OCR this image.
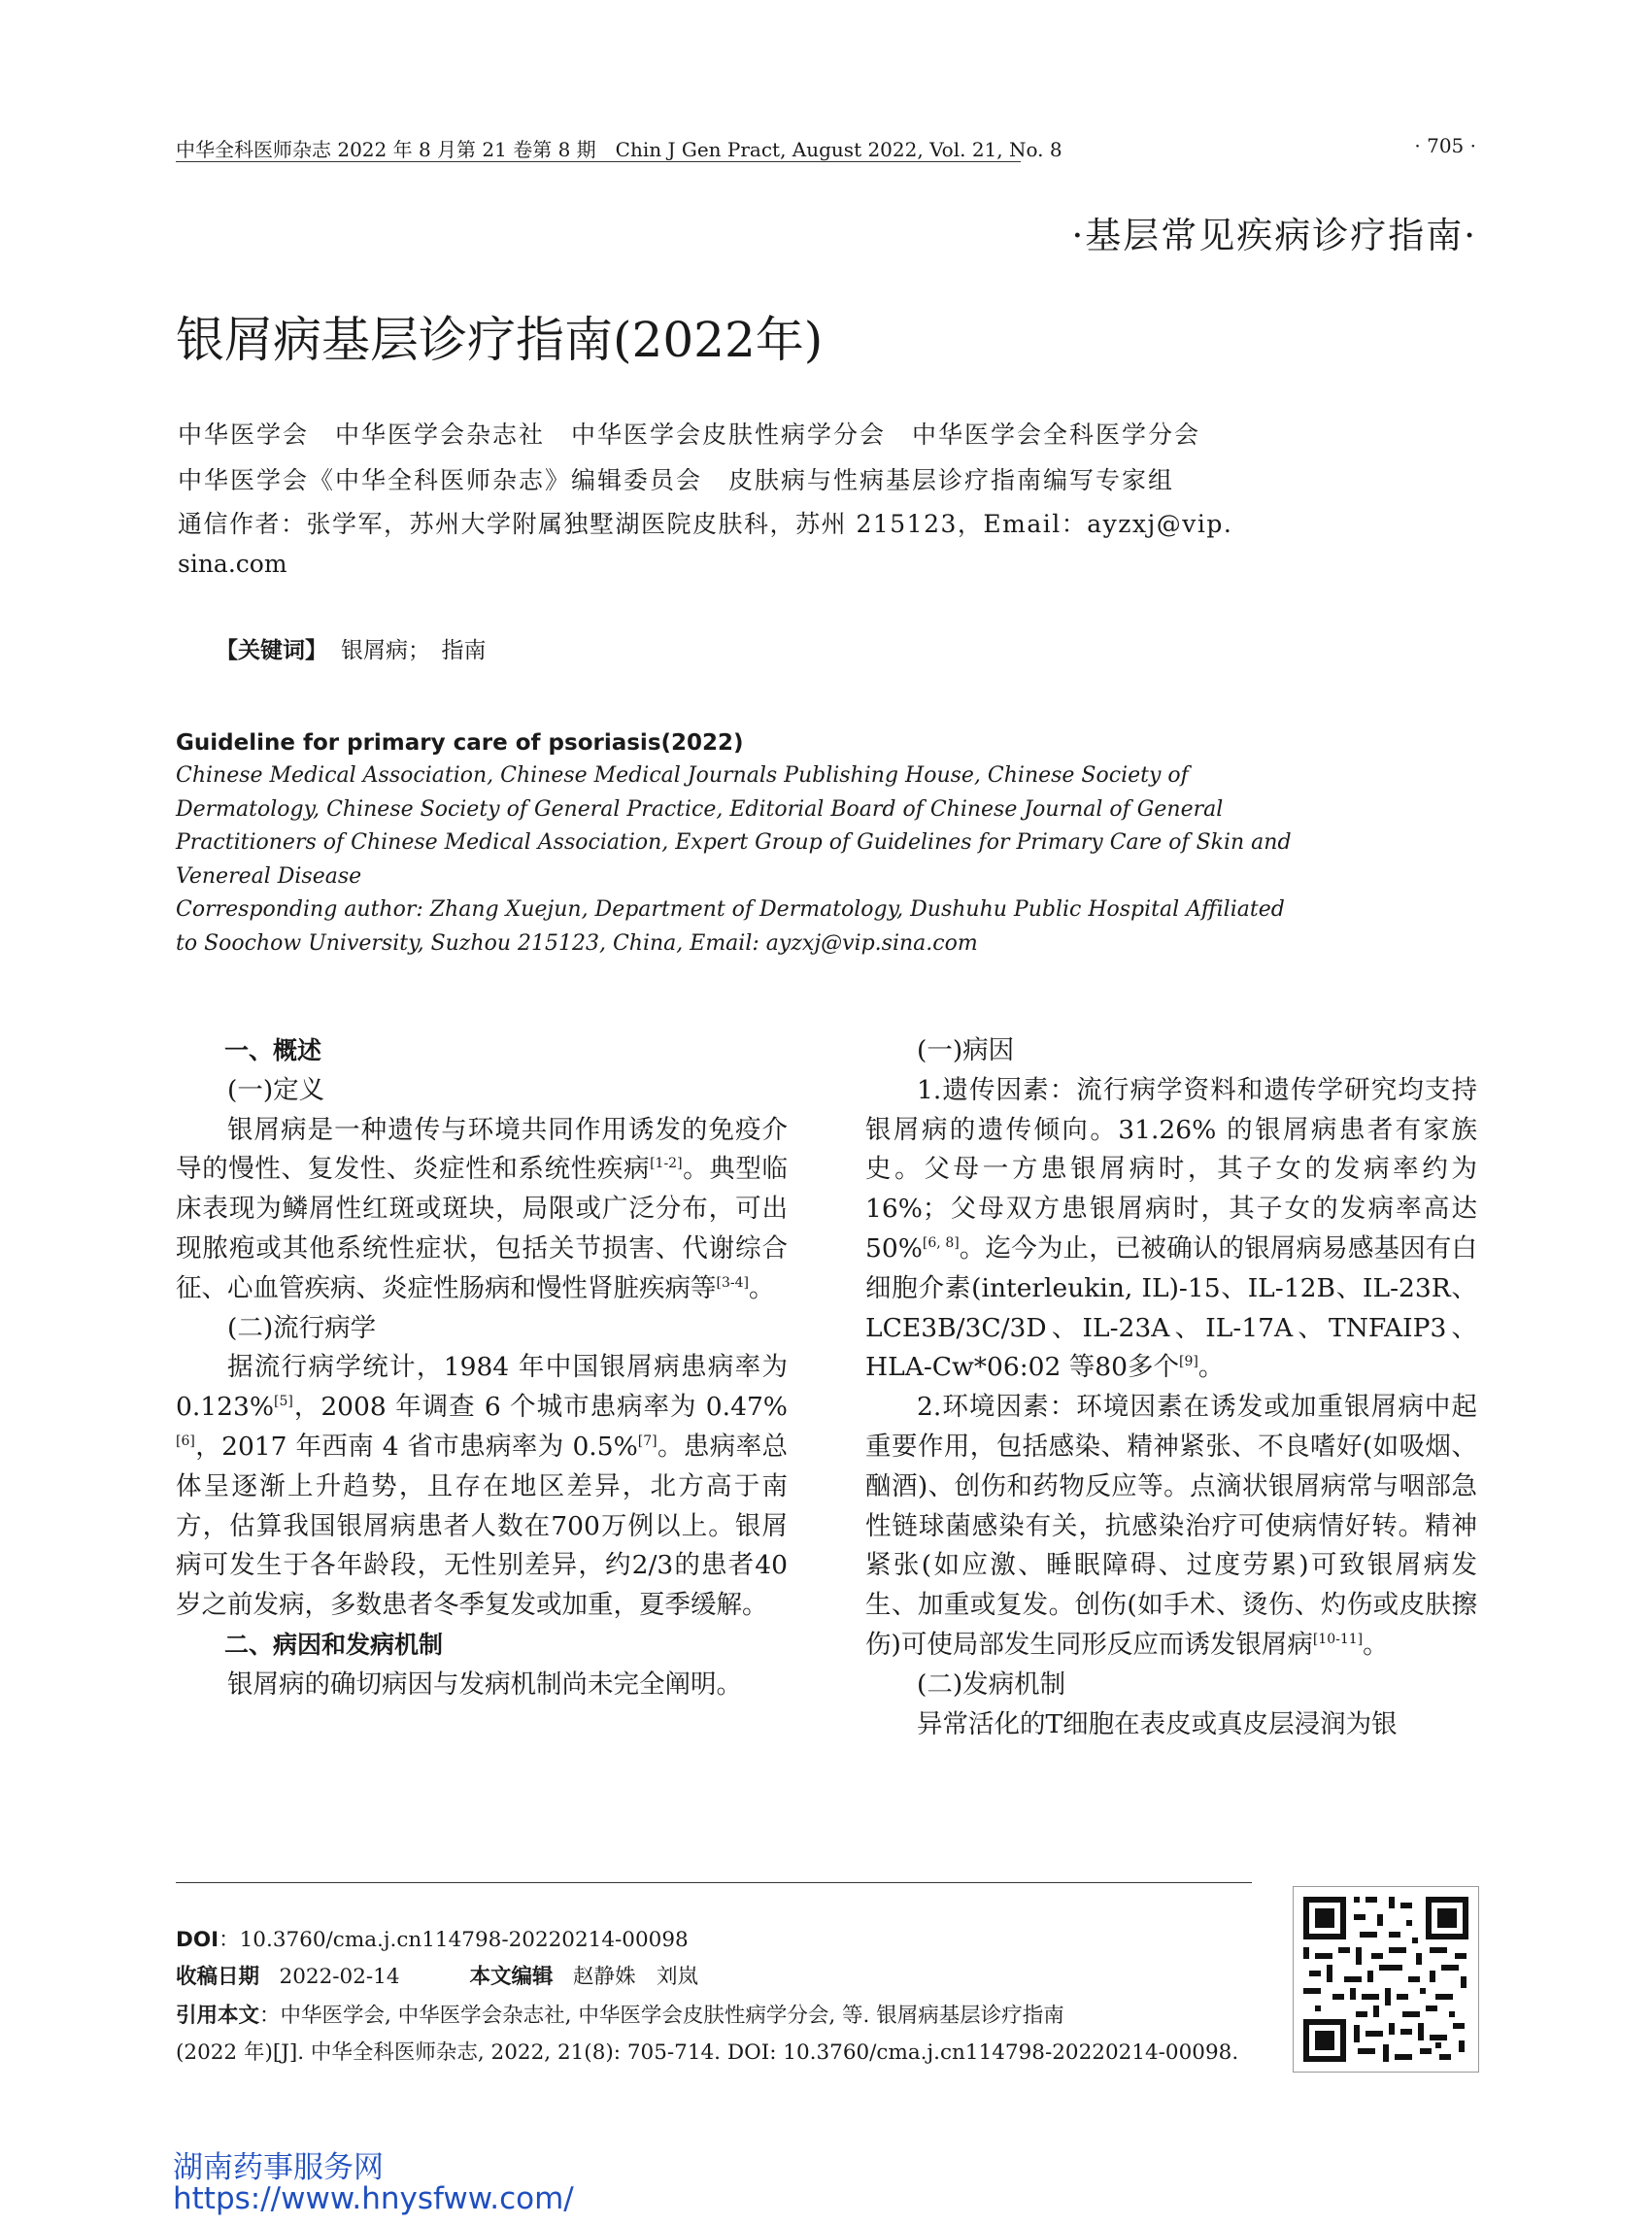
中华全科医师杂志 2022 年 8 月第 21 卷第 8 期　Chin J Gen Pract, August 2022, Vol. 21, No. 8	· 705 ·
·基层常见疾病诊疗指南·
银屑病基层诊疗指南(2022年)
中华医学会　中华医学会杂志社　中华医学会皮肤性病学分会　中华医学会全科医学分会
中华医学会《中华全科医师杂志》编辑委员会　皮肤病与性病基层诊疗指南编写专家组
通信作者：张学军，苏州大学附属独墅湖医院皮肤科，苏州 215123，Email：ayzxj@vip.
sina.com
【关键词】 银屑病；　指南
Guideline for primary care of psoriasis(2022)
Chinese Medical Association, Chinese Medical Journals Publishing House, Chinese Society of
Dermatology, Chinese Society of General Practice, Editorial Board of Chinese Journal of General
Practitioners of Chinese Medical Association, Expert Group of Guidelines for Primary Care of Skin and
Venereal Disease
Corresponding author: Zhang Xuejun, Department of Dermatology, Dushuhu Public Hospital Affiliated
to Soochow University, Suzhou 215123, China, Email: ayzxj@vip.sina.com

一、概述

(一)定义

银屑病是一种遗传与环境共同作用诱发的免疫介导的慢性、复发性、炎症性和系统性疾病[1-2]。典型临床表现为鳞屑性红斑或斑块，局限或广泛分布，可出现脓疱或其他系统性症状，包括关节损害、代谢综合征、心血管疾病、炎症性肠病和慢性肾脏疾病等[3-4]。

(二)流行病学

据流行病学统计，1984 年中国银屑病患病率为 0.123%[5]，2008 年调查 6 个城市患病率为 0.47%[6]，2017 年西南 4 省市患病率为 0.5%[7]。患病率总体呈逐渐上升趋势，且存在地区差异，北方高于南方，估算我国银屑病患者人数在700万例以上。银屑病可发生于各年龄段，无性别差异，约2/3的患者40岁之前发病，多数患者冬季复发或加重，夏季缓解。

二、病因和发病机制

银屑病的确切病因与发病机制尚未完全阐明。

(一)病因

1.遗传因素：流行病学资料和遗传学研究均支持银屑病的遗传倾向。31.26% 的银屑病患者有家族史。父母一方患银屑病时，其子女的发病率约为16%；父母双方患银屑病时，其子女的发病率高达50%[6, 8]。迄今为止，已被确认的银屑病易感基因有白细胞介素(interleukin, IL)-15、IL-12B、IL-23R、LCE3B/3C/3D、IL-23A、IL-17A、TNFAIP3、HLA-Cw*06:02 等80多个[9]。

2.环境因素：环境因素在诱发或加重银屑病中起重要作用，包括感染、精神紧张、不良嗜好(如吸烟、酗酒)、创伤和药物反应等。点滴状银屑病常与咽部急性链球菌感染有关，抗感染治疗可使病情好转。精神紧张(如应激、睡眠障碍、过度劳累)可致银屑病发生、加重或复发。创伤(如手术、烫伤、灼伤或皮肤擦伤)可使局部发生同形反应而诱发银屑病[10-11]。

(二)发病机制

异常活化的T细胞在表皮或真皮层浸润为银

DOI：10.3760/cma.j.cn114798-20220214-00098
收稿日期 2022-02-14	本文编辑 赵静姝　刘岚
引用本文：中华医学会, 中华医学会杂志社, 中华医学会皮肤性病学分会, 等. 银屑病基层诊疗指南
(2022 年)[J]. 中华全科医师杂志, 2022, 21(8): 705-714. DOI: 10.3760/cma.j.cn114798-20220214-00098.
湖南药事服务网
https://www.hnysfww.com/
